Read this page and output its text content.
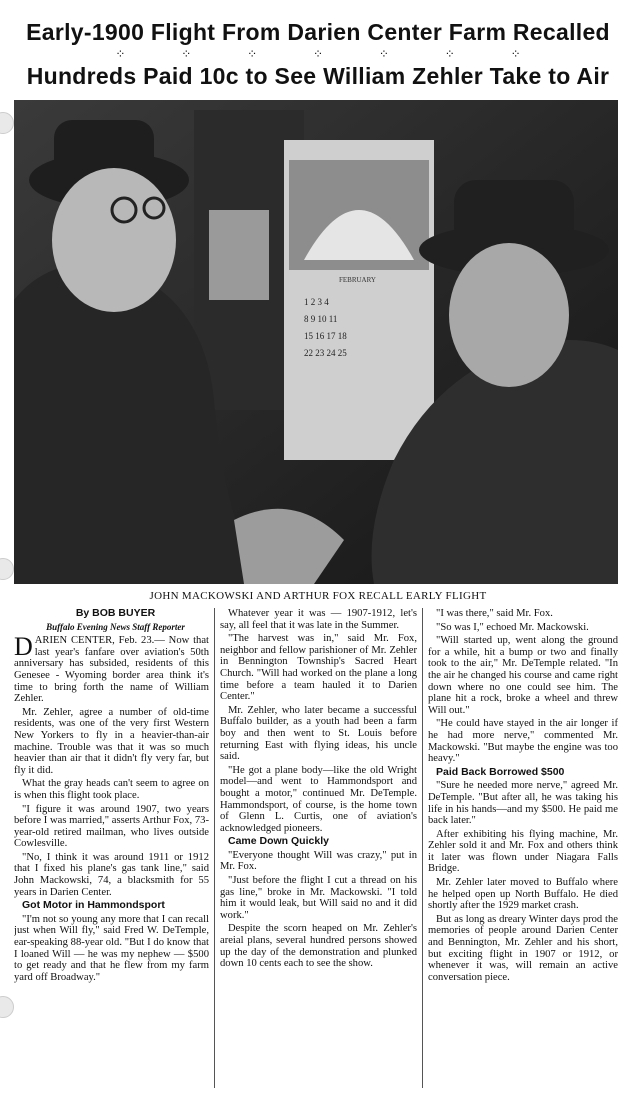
Early-1900 Flight From Darien Center Farm Recalled
⁘ ⁘ ⁘ ⁘ ⁘ ⁘ ⁘
Hundreds Paid 10c to See William Zehler Take to Air
FEBRUARY
1 2 3 4
8 9 10 11
15 16 17 18
22 23 24 25
JOHN MACKOWSKI AND ARTHUR FOX RECALL EARLY FLIGHT

By BOB BUYER

Buffalo Evening News Staff Reporter

DARIEN CENTER, Feb. 23.— Now that last year's fanfare over aviation's 50th anniversary has subsided, residents of this Genesee - Wyoming border area think it's time to bring forth the name of William Zehler.

Mr. Zehler, agree a number of old-time residents, was one of the very first Western New Yorkers to fly in a heavier-than-air machine. Trouble was that it was so much heavier than air that it didn't fly very far, but fly it did.

What the gray heads can't seem to agree on is when this flight took place.

"I figure it was around 1907, two years before I was married," asserts Arthur Fox, 73-year-old retired mailman, who lives outside Cowlesville.

"No, I think it was around 1911 or 1912 that I fixed his plane's gas tank line," said John Mackowski, 74, a blacksmith for 55 years in Darien Center.

Got Motor in Hammondsport

"I'm not so young any more that I can recall just when Will fly," said Fred W. DeTemple, ear-speaking 88-year old. "But I do know that I loaned Will — he was my nephew — $500 to get ready and that he flew from my farm yard off Broadway."

Whatever year it was — 1907-1912, let's say, all feel that it was late in the Summer.

"The harvest was in," said Mr. Fox, neighbor and fellow parishioner of Mr. Zehler in Bennington Township's Sacred Heart Church. "Will had worked on the plane a long time before a team hauled it to Darien Center."

Mr. Zehler, who later became a successful Buffalo builder, as a youth had been a farm boy and then went to St. Louis before returning East with flying ideas, his uncle said.

"He got a plane body—like the old Wright model—and went to Hammondsport and bought a motor," continued Mr. DeTemple. Hammondsport, of course, is the home town of Glenn L. Curtis, one of aviation's acknowledged pioneers.

Came Down Quickly

"Everyone thought Will was crazy," put in Mr. Fox.

"Just before the flight I cut a thread on his gas line," broke in Mr. Mackowski. "I told him it would leak, but Will said no and it did work."

Despite the scorn heaped on Mr. Zehler's areial plans, several hundred persons showed up the day of the demonstration and plunked down 10 cents each to see the show.

"I was there," said Mr. Fox.

"So was I," echoed Mr. Mackowski.

"Will started up, went along the ground for a while, hit a bump or two and finally took to the air," Mr. DeTemple related. "In the air he changed his course and came right down where no one could see him. The plane hit a rock, broke a wheel and threw Will out."

"He could have stayed in the air longer if he had more nerve," commented Mr. Mackowski. "But maybe the engine was too heavy."

Paid Back Borrowed $500

"Sure he needed more nerve," agreed Mr. DeTemple. "But after all, he was taking his life in his hands—and my $500. He paid me back later."

After exhibiting his flying machine, Mr. Zehler sold it and Mr. Fox and others think it later was flown under Niagara Falls Bridge.

Mr. Zehler later moved to Buffalo where he helped open up North Buffalo. He died shortly after the 1929 market crash.

But as long as dreary Winter days prod the memories of people around Darien Center and Bennington, Mr. Zehler and his short, but exciting flight in 1907 or 1912, or whenever it was, will remain an active conversation piece.
